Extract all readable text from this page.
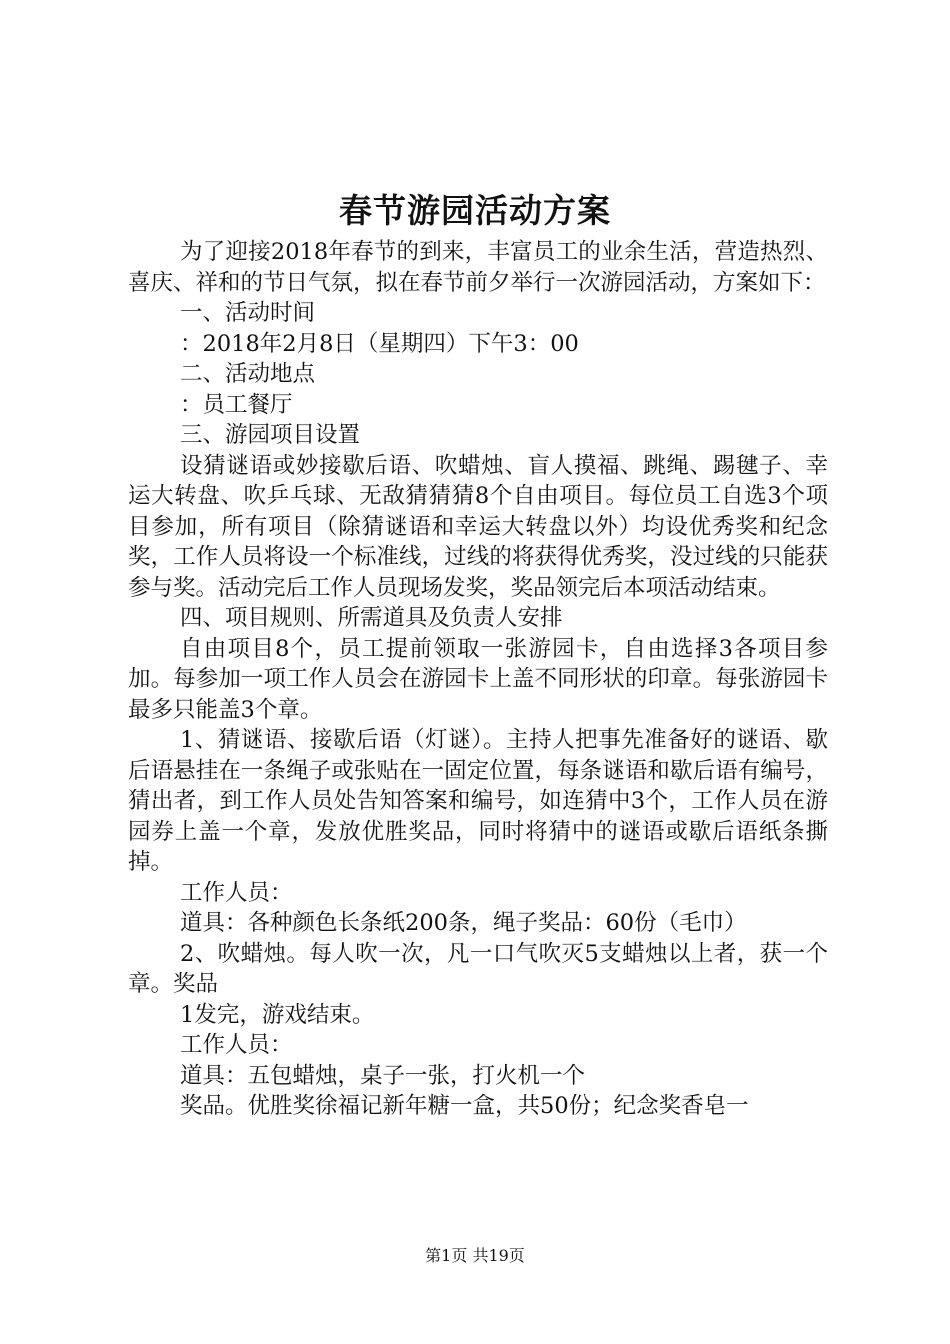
春节游园活动方案

为了迎接2018年春节的到来，丰富员工的业余生活，营造热烈、喜庆、祥和的节日气氛，拟在春节前夕举行一次游园活动，方案如下：

一、活动时间

：2018年2月8日（星期四）下午3：00

二、活动地点

：员工餐厅

三、游园项目设置

设猜谜语或妙接歇后语、吹蜡烛、盲人摸福、跳绳、踢毽子、幸运大转盘、吹乒乓球、无敌猜猜猜8个自由项目。每位员工自选3个项目参加，所有项目（除猜谜语和幸运大转盘以外）均设优秀奖和纪念奖，工作人员将设一个标准线，过线的将获得优秀奖，没过线的只能获参与奖。活动完后工作人员现场发奖，奖品领完后本项活动结束。

四、项目规则、所需道具及负责人安排

自由项目8个，员工提前领取一张游园卡，自由选择3各项目参加。每参加一项工作人员会在游园卡上盖不同形状的印章。每张游园卡最多只能盖3个章。

1、猜谜语、接歇后语（灯谜）。主持人把事先准备好的谜语、歇后语悬挂在一条绳子或张贴在一固定位置，每条谜语和歇后语有编号，猜出者，到工作人员处告知答案和编号，如连猜中3个，工作人员在游园券上盖一个章，发放优胜奖品，同时将猜中的谜语或歇后语纸条撕掉。

工作人员：

道具：各种颜色长条纸200条，绳子奖品：60份（毛巾）

2、吹蜡烛。每人吹一次，凡一口气吹灭5支蜡烛以上者，获一个章。奖品

1发完，游戏结束。

工作人员：

道具：五包蜡烛，桌子一张，打火机一个

奖品。优胜奖徐福记新年糖一盒，共50份；纪念奖香皂一

第1页 共19页
